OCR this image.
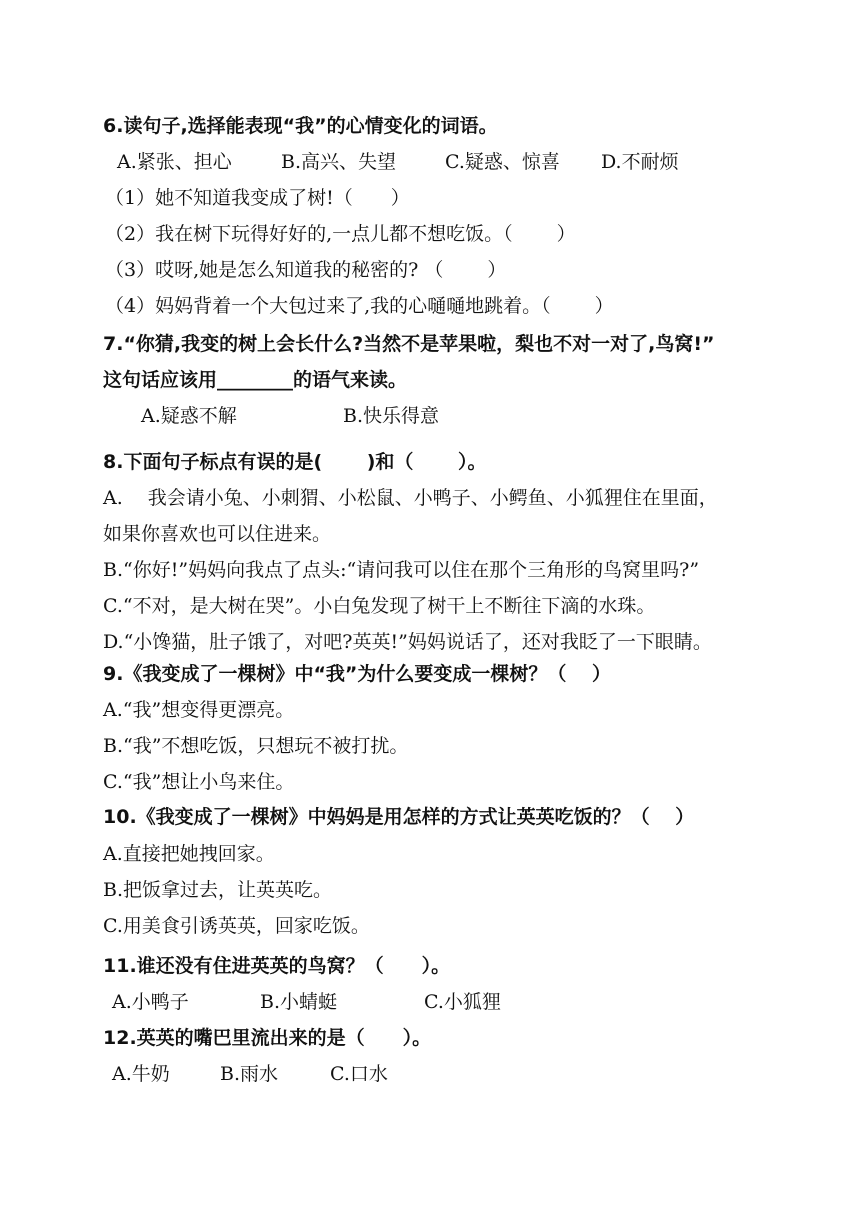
6.读句子,选择能表现“我”的心情变化的词语。
A.紧张、担心	B.高兴、失望	C.疑惑、惊喜 D.不耐烦
（1）她不知道我变成了树!（　　）
（2）我在树下玩得好好的,一点儿都不想吃饭。（　　 ）
（3）哎呀,她是怎么知道我的秘密的? （　　 ）
（4）妈妈背着一个大包过来了,我的心嗵嗵地跳着。（　　 ）
7.“你猜,我变的树上会长什么?当然不是苹果啦，梨也不对一对了,鸟窝!”
这句话应该用________的语气来读。
A.疑惑不解	B.快乐得意
8.下面句子标点有误的是(　　 )和（　　 ）。
A.　 我会请小兔、小刺猬、小松鼠、小鸭子、小鳄鱼、小狐狸住在里面，
如果你喜欢也可以住进来。
B.“你好!”妈妈向我点了点头:“请问我可以住在那个三角形的鸟窝里吗?”
C.“不对，是大树在哭”。小白兔发现了树干上不断往下滴的水珠。
D.“小馋猫，肚子饿了，对吧?英英!”妈妈说话了，还对我眨了一下眼睛。
9.《我变成了一棵树》中“我”为什么要变成一棵树？（　 ）
A.“我”想变得更漂亮。
B.“我”不想吃饭，只想玩不被打扰。
C.“我”想让小鸟来住。
10.《我变成了一棵树》中妈妈是用怎样的方式让英英吃饭的？（　 ）
A.直接把她拽回家。
B.把饭拿过去，让英英吃。
C.用美食引诱英英，回家吃饭。
11.谁还没有住进英英的鸟窝？（　　）。
A.小鸭子	B.小蜻蜓	C.小狐狸
12.英英的嘴巴里流出来的是（　　）。
A.牛奶	B.雨水	C.口水
